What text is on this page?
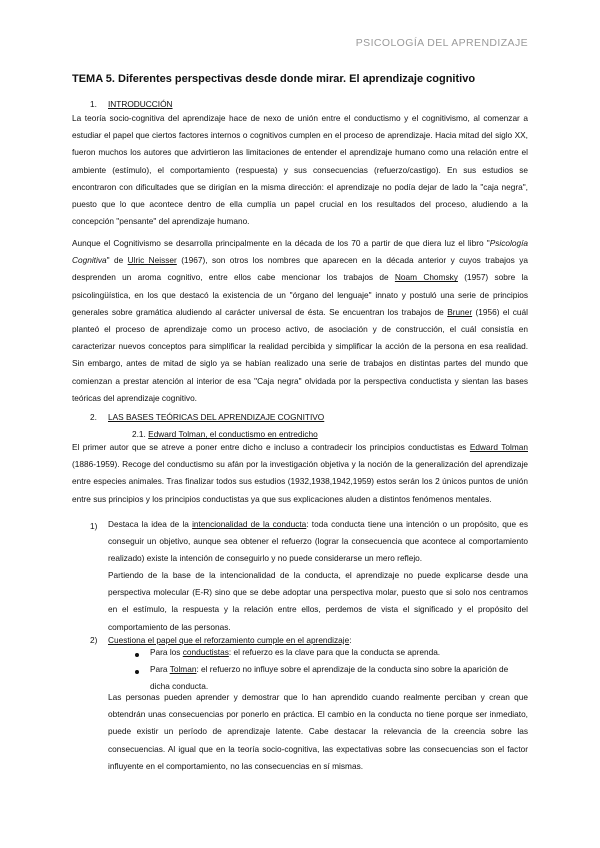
PSICOLOGÍA DEL APRENDIZAJE
TEMA 5. Diferentes perspectivas desde donde mirar. El aprendizaje cognitivo
1. INTRODUCCIÓN
La teoría socio-cognitiva del aprendizaje hace de nexo de unión entre el conductismo y el cognitivismo, al comenzar a estudiar el papel que ciertos factores internos o cognitivos cumplen en el proceso de aprendizaje. Hacia mitad del siglo XX, fueron muchos los autores que advirtieron las limitaciones de entender el aprendizaje humano como una relación entre el ambiente (estímulo), el comportamiento (respuesta) y sus consecuencias (refuerzo/castigo). En sus estudios se encontraron con dificultades que se dirigían en la misma dirección: el aprendizaje no podía dejar de lado la "caja negra", puesto que lo que acontece dentro de ella cumplía un papel crucial en los resultados del proceso, aludiendo a la concepción "pensante" del aprendizaje humano.
Aunque el Cognitivismo se desarrolla principalmente en la década de los 70 a partir de que diera luz el libro "Psicología Cognitiva" de Ulric Neisser (1967), son otros los nombres que aparecen en la década anterior y cuyos trabajos ya desprenden un aroma cognitivo, entre ellos cabe mencionar los trabajos de Noam Chomsky (1957) sobre la psicolingüística, en los que destacó la existencia de un "órgano del lenguaje" innato y postuló una serie de principios generales sobre gramática aludiendo al carácter universal de ésta. Se encuentran los trabajos de Bruner (1956) el cuál planteó el proceso de aprendizaje como un proceso activo, de asociación y de construcción, el cuál consistía en caracterizar nuevos conceptos para simplificar la realidad percibida y simplificar la acción de la persona en esa realidad. Sin embargo, antes de mitad de siglo ya se habían realizado una serie de trabajos en distintas partes del mundo que comienzan a prestar atención al interior de esa "Caja negra" olvidada por la perspectiva conductista y sientan las bases teóricas del aprendizaje cognitivo.
2. LAS BASES TEÓRICAS DEL APRENDIZAJE COGNITIVO
2.1. Edward Tolman, el conductismo en entredicho
El primer autor que se atreve a poner entre dicho e incluso a contradecir los principios conductistas es Edward Tolman (1886-1959). Recoge del conductismo su afán por la investigación objetiva y la noción de la generalización del aprendizaje entre especies animales. Tras finalizar todos sus estudios (1932,1938,1942,1959) estos serán los 2 únicos puntos de unión entre sus principios y los principios conductistas ya que sus explicaciones aluden a distintos fenómenos mentales.
1) Destaca la idea de la intencionalidad de la conducta: toda conducta tiene una intención o un propósito, que es conseguir un objetivo, aunque sea obtener el refuerzo (lograr la consecuencia que acontece al comportamiento realizado) existe la intención de conseguirlo y no puede considerarse un mero reflejo.
Partiendo de la base de la intencionalidad de la conducta, el aprendizaje no puede explicarse desde una perspectiva molecular (E-R) sino que se debe adoptar una perspectiva molar, puesto que si solo nos centramos en el estímulo, la respuesta y la relación entre ellos, perdemos de vista el significado y el propósito del comportamiento de las personas.
2) Cuestiona el papel que el reforzamiento cumple en el aprendizaje:
Para los conductistas: el refuerzo es la clave para que la conducta se aprenda.
Para Tolman: el refuerzo no influye sobre el aprendizaje de la conducta sino sobre la aparición de dicha conducta.
Las personas pueden aprender y demostrar que lo han aprendido cuando realmente perciban y crean que obtendrán unas consecuencias por ponerlo en práctica. El cambio en la conducta no tiene porque ser inmediato, puede existir un período de aprendizaje latente. Cabe destacar la relevancia de la creencia sobre las consecuencias. Al igual que en la teoría socio-cognitiva, las expectativas sobre las consecuencias son el factor influyente en el comportamiento, no las consecuencias en sí mismas.
